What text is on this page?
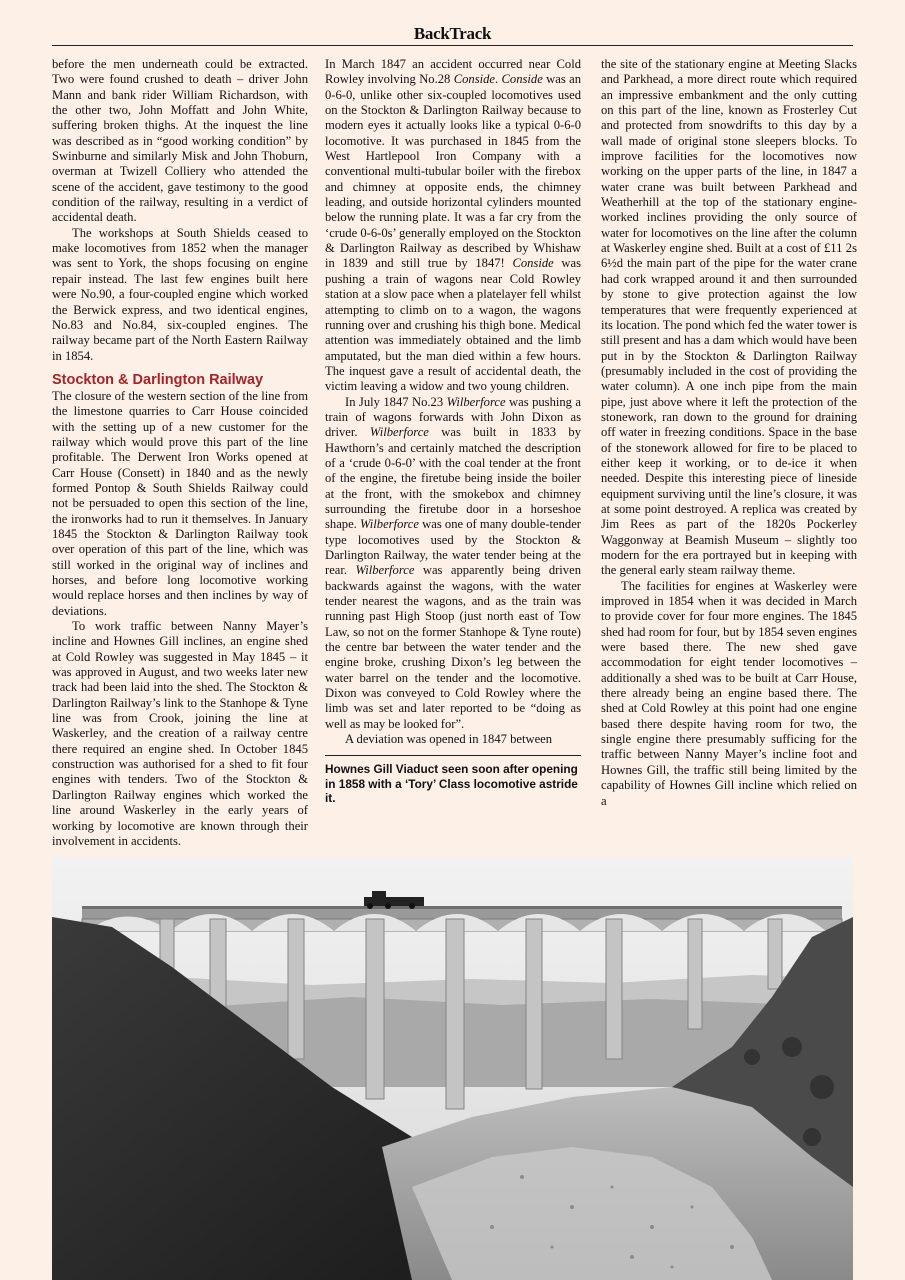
BackTrack

before the men underneath could be extracted. Two were found crushed to death – driver John Mann and bank rider William Richardson, with the other two, John Moffatt and John White, suffering broken thighs. At the inquest the line was described as in “good working condition” by Swinburne and similarly Misk and John Thoburn, overman at Twizell Colliery who attended the scene of the accident, gave testimony to the good condition of the railway, resulting in a verdict of accidental death.

The workshops at South Shields ceased to make locomotives from 1852 when the manager was sent to York, the shops focusing on engine repair instead. The last few engines built here were No.90, a four-coupled engine which worked the Berwick express, and two identical engines, No.83 and No.84, six-coupled engines. The railway became part of the North Eastern Railway in 1854.

Stockton & Darlington Railway

The closure of the western section of the line from the limestone quarries to Carr House coincided with the setting up of a new customer for the railway which would prove this part of the line profitable. The Derwent Iron Works opened at Carr House (Consett) in 1840 and as the newly formed Pontop & South Shields Railway could not be persuaded to open this section of the line, the ironworks had to run it themselves. In January 1845 the Stockton & Darlington Railway took over operation of this part of the line, which was still worked in the original way of inclines and horses, and before long locomotive working would replace horses and then inclines by way of deviations.

To work traffic between Nanny Mayer’s incline and Hownes Gill inclines, an engine shed at Cold Rowley was suggested in May 1845 – it was approved in August, and two weeks later new track had been laid into the shed. The Stockton & Darlington Railway’s link to the Stanhope & Tyne line was from Crook, joining the line at Waskerley, and the creation of a railway centre there required an engine shed. In October 1845 construction was authorised for a shed to fit four engines with tenders. Two of the Stockton & Darlington Railway engines which worked the line around Waskerley in the early years of working by locomotive are known through their involvement in accidents.

In March 1847 an accident occurred near Cold Rowley involving No.28 Conside. Conside was an 0-6-0, unlike other six-coupled locomotives used on the Stockton & Darlington Railway because to modern eyes it actually looks like a typical 0-6-0 locomotive. It was purchased in 1845 from the West Hartlepool Iron Company with a conventional multi-tubular boiler with the firebox and chimney at opposite ends, the chimney leading, and outside horizontal cylinders mounted below the running plate. It was a far cry from the ‘crude 0-6-0s’ generally employed on the Stockton & Darlington Railway as described by Whishaw in 1839 and still true by 1847! Conside was pushing a train of wagons near Cold Rowley station at a slow pace when a platelayer fell whilst attempting to climb on to a wagon, the wagons running over and crushing his thigh bone. Medical attention was immediately obtained and the limb amputated, but the man died within a few hours. The inquest gave a result of accidental death, the victim leaving a widow and two young children.

In July 1847 No.23 Wilberforce was pushing a train of wagons forwards with John Dixon as driver. Wilberforce was built in 1833 by Hawthorn’s and certainly matched the description of a ‘crude 0-6-0’ with the coal tender at the front of the engine, the firetube being inside the boiler at the front, with the smokebox and chimney surrounding the firetube door in a horseshoe shape. Wilberforce was one of many double-tender type locomotives used by the Stockton & Darlington Railway, the water tender being at the rear. Wilberforce was apparently being driven backwards against the wagons, with the water tender nearest the wagons, and as the train was running past High Stoop (just north east of Tow Law, so not on the former Stanhope & Tyne route) the centre bar between the water tender and the engine broke, crushing Dixon’s leg between the water barrel on the tender and the locomotive. Dixon was conveyed to Cold Rowley where the limb was set and later reported to be “doing as well as may be looked for”.

A deviation was opened in 1847 between

Hownes Gill Viaduct seen soon after opening in 1858 with a ‘Tory’ Class locomotive astride it.

the site of the stationary engine at Meeting Slacks and Parkhead, a more direct route which required an impressive embankment and the only cutting on this part of the line, known as Frosterley Cut and protected from snowdrifts to this day by a wall made of original stone sleepers blocks. To improve facilities for the locomotives now working on the upper parts of the line, in 1847 a water crane was built between Parkhead and Weatherhill at the top of the stationary engine-worked inclines providing the only source of water for locomotives on the line after the column at Waskerley engine shed. Built at a cost of £11 2s 6½d the main part of the pipe for the water crane had cork wrapped around it and then surrounded by stone to give protection against the low temperatures that were frequently experienced at its location. The pond which fed the water tower is still present and has a dam which would have been put in by the Stockton & Darlington Railway (presumably included in the cost of providing the water column). A one inch pipe from the main pipe, just above where it left the protection of the stonework, ran down to the ground for draining off water in freezing conditions. Space in the base of the stonework allowed for fire to be placed to either keep it working, or to de-ice it when needed. Despite this interesting piece of lineside equipment surviving until the line’s closure, it was at some point destroyed. A replica was created by Jim Rees as part of the 1820s Pockerley Waggonway at Beamish Museum – slightly too modern for the era portrayed but in keeping with the general early steam railway theme.

The facilities for engines at Waskerley were improved in 1854 when it was decided in March to provide cover for four more engines. The 1845 shed had room for four, but by 1854 seven engines were based there. The new shed gave accommodation for eight tender locomotives – additionally a shed was to be built at Carr House, there already being an engine based there. The shed at Cold Rowley at this point had one engine based there despite having room for two, the single engine there presumably sufficing for the traffic between Nanny Mayer’s incline foot and Hownes Gill, the traffic still being limited by the capability of Hownes Gill incline which relied on a
